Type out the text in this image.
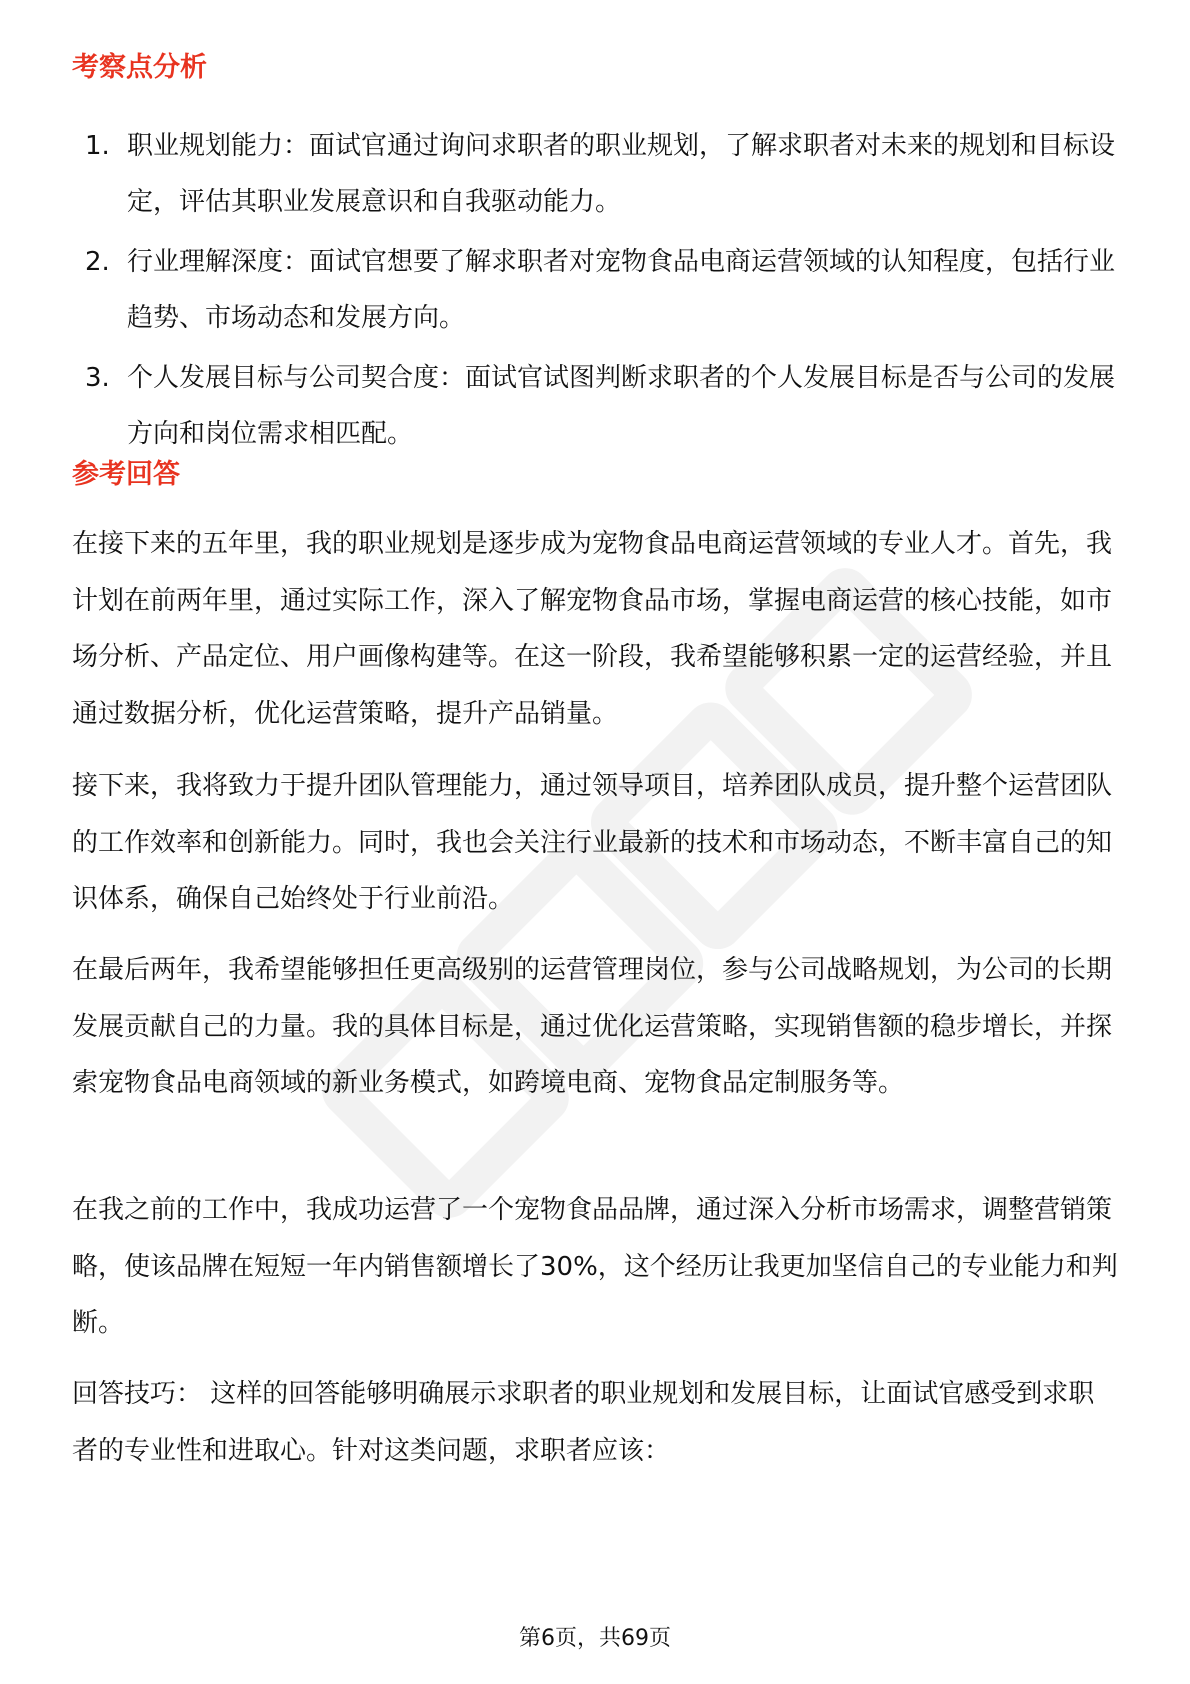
考察点分析
1. 职业规划能力：面试官通过询问求职者的职业规划，了解求职者对未来的规划和目标设定，评估其职业发展意识和自我驱动能力。
2. 行业理解深度：面试官想要了解求职者对宠物食品电商运营领域的认知程度，包括行业趋势、市场动态和发展方向。
3. 个人发展目标与公司契合度：面试官试图判断求职者的个人发展目标是否与公司的发展方向和岗位需求相匹配。
参考回答

在接下来的五年里，我的职业规划是逐步成为宠物食品电商运营领域的专业人才。首先，我计划在前两年里，通过实际工作，深入了解宠物食品市场，掌握电商运营的核心技能，如市场分析、产品定位、用户画像构建等。在这一阶段，我希望能够积累一定的运营经验，并且通过数据分析，优化运营策略，提升产品销量。

接下来，我将致力于提升团队管理能力，通过领导项目，培养团队成员，提升整个运营团队的工作效率和创新能力。同时，我也会关注行业最新的技术和市场动态，不断丰富自己的知识体系，确保自己始终处于行业前沿。

在最后两年，我希望能够担任更高级别的运营管理岗位，参与公司战略规划，为公司的长期发展贡献自己的力量。我的具体目标是，通过优化运营策略，实现销售额的稳步增长，并探索宠物食品电商领域的新业务模式，如跨境电商、宠物食品定制服务等。

在我之前的工作中，我成功运营了一个宠物食品品牌，通过深入分析市场需求，调整营销策略，使该品牌在短短一年内销售额增长了30%，这个经历让我更加坚信自己的专业能力和判断。

回答技巧： 这样的回答能够明确展示求职者的职业规划和发展目标，让面试官感受到求职者的专业性和进取心。针对这类问题，求职者应该：

第6页，共69页
